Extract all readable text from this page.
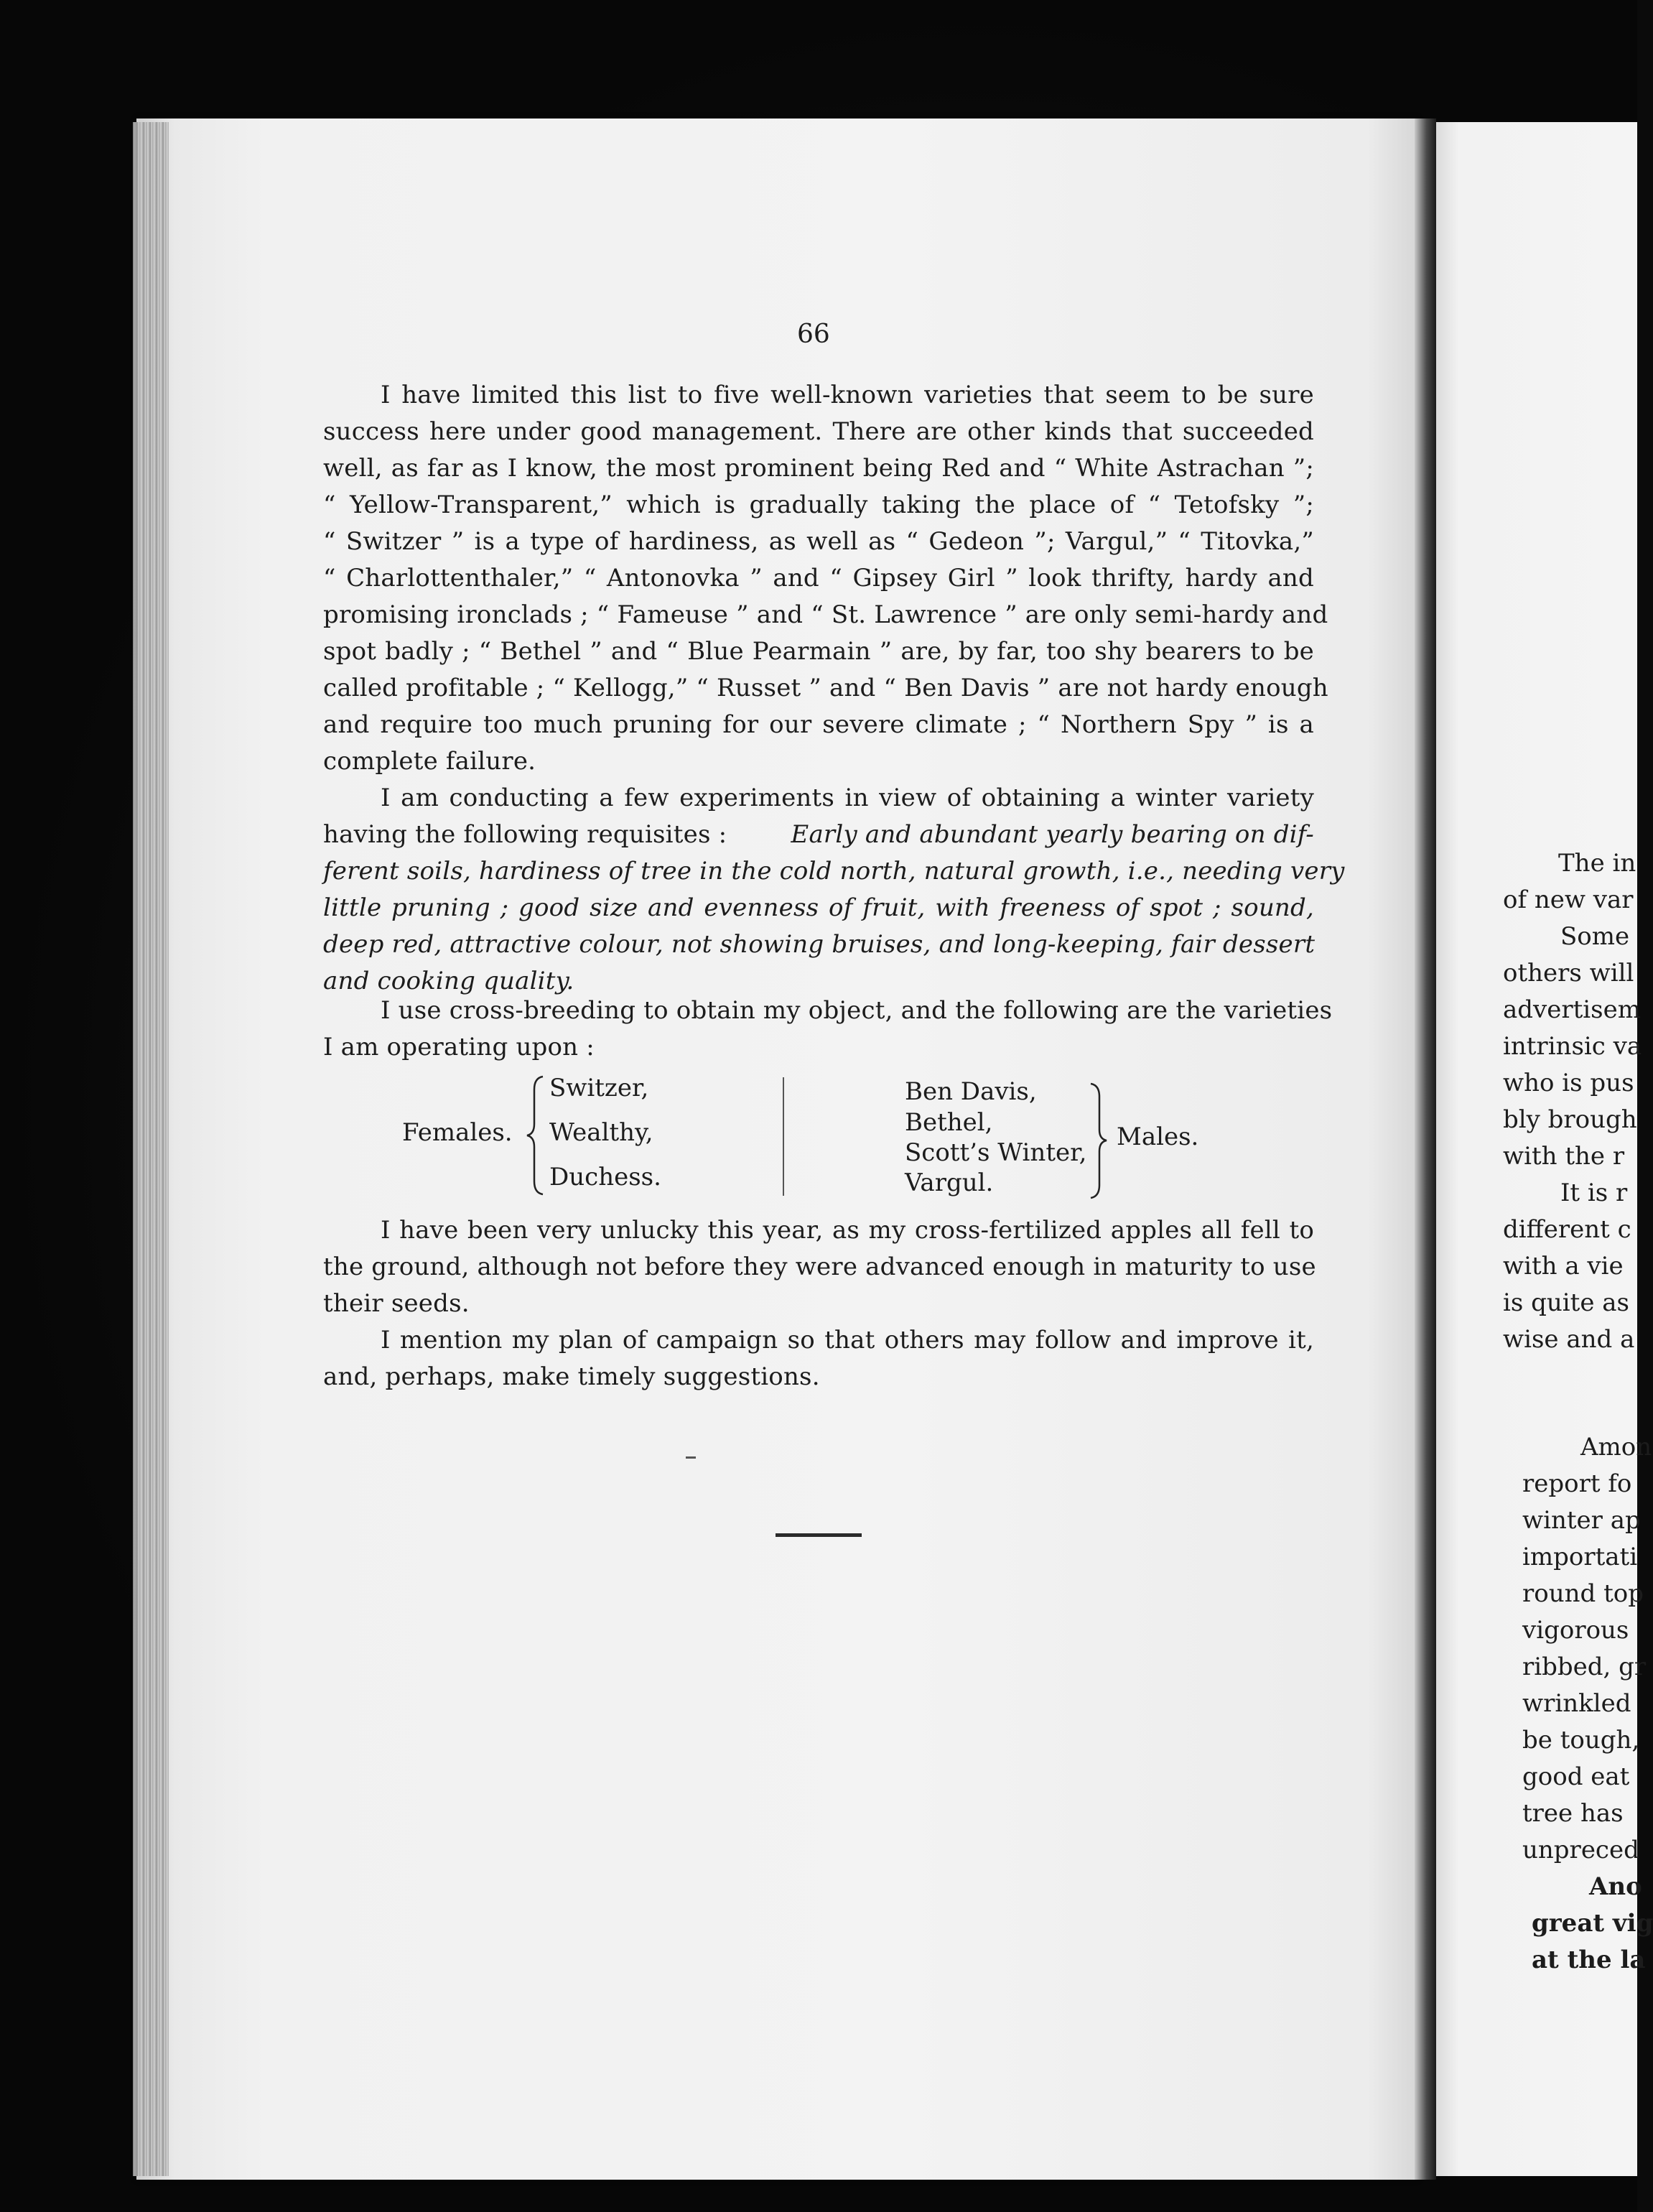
The in
of new var
Some
others will
advertisem
intrinsic va
who is pus
bly brough
with the r
It is r
different c
with a vie
is quite as
wise and a
Amon
report fo
winter ap
importati
round top
vigorous
ribbed, gr
wrinkled
be tough,
good eat
tree has
unpreced
Ano
great vig
at the la
66
I have limited this list to five well-known varieties that seem to be sure
success here under good management. There are other kinds that succeeded
well, as far as I know, the most prominent being Red and “ White Astrachan ”;
“ Yellow-Transparent,” which is gradually taking the place of “ Tetofsky ”;
“ Switzer ” is a type of hardiness, as well as “ Gedeon ”; Vargul,” “ Titovka,”
“ Charlottenthaler,” “ Antonovka ” and “ Gipsey Girl ” look thrifty, hardy and
promising ironclads ; “ Fameuse ” and “ St. Lawrence ” are only semi-hardy and
spot badly ; “ Bethel ” and “ Blue Pearmain ” are, by far, too shy bearers to be
called profitable ; “ Kellogg,” “ Russet ” and “ Ben Davis ” are not hardy enough
and require too much pruning for our severe climate ; “ Northern Spy ” is a
complete failure.
I am conducting a few experiments in view of obtaining a winter variety
having the following requisites :	Early and abundant yearly bearing on dif-
ferent soils, hardiness of tree in the cold north, natural growth, i.e., needing very
little pruning ; good size and evenness of fruit, with freeness of spot ; sound,
deep red, attractive colour, not showing bruises, and long-keeping, fair dessert
and cooking quality.
I use cross-breeding to obtain my object, and the following are the varieties
I am operating upon :
Females.
Switzer,
Wealthy,
Duchess.
Ben Davis,
Bethel,
Scott’s Winter,
Vargul.
Males.
I have been very unlucky this year, as my cross-fertilized apples all fell to
the ground, although not before they were advanced enough in maturity to use
their seeds.
I mention my plan of campaign so that others may follow and improve it,
and, perhaps, make timely suggestions.
